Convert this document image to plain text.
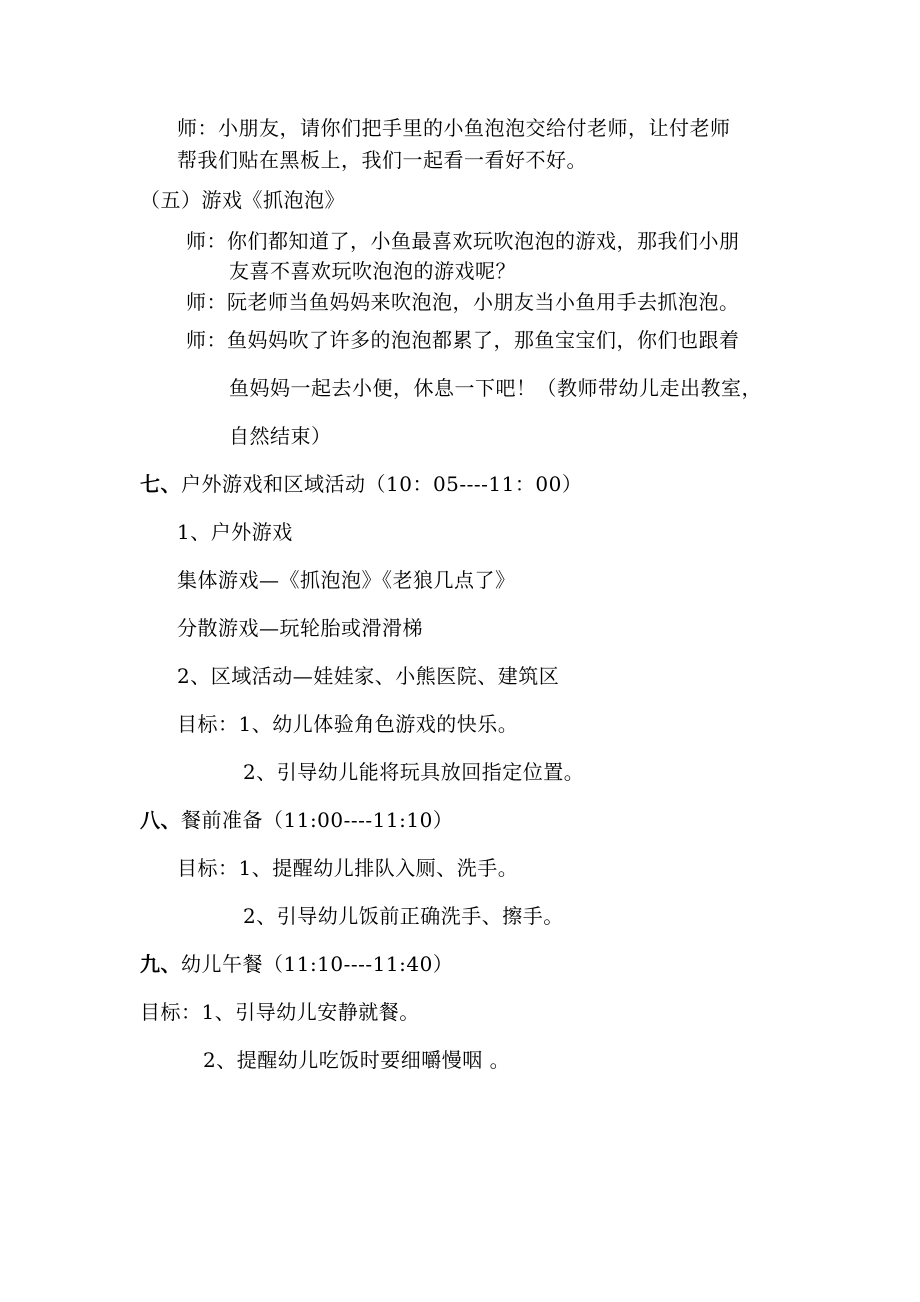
师：小朋友，请你们把手里的小鱼泡泡交给付老师，让付老师
帮我们贴在黑板上，我们一起看一看好不好。
（五）游戏《抓泡泡》
师：你们都知道了，小鱼最喜欢玩吹泡泡的游戏，那我们小朋
友喜不喜欢玩吹泡泡的游戏呢？
师：阮老师当鱼妈妈来吹泡泡，小朋友当小鱼用手去抓泡泡。
师：鱼妈妈吹了许多的泡泡都累了，那鱼宝宝们，你们也跟着
鱼妈妈一起去小便，休息一下吧！（教师带幼儿走出教室，
自然结束）
七、户外游戏和区域活动（10：05----11：00）
1、户外游戏
集体游戏—《抓泡泡》《老狼几点了》
分散游戏—玩轮胎或滑滑梯
2、区域活动—娃娃家、小熊医院、建筑区
目标：1、幼儿体验角色游戏的快乐。
2、引导幼儿能将玩具放回指定位置。
八、餐前准备（11:00----11:10）
目标：1、提醒幼儿排队入厕、洗手。
2、引导幼儿饭前正确洗手、擦手。
九、幼儿午餐（11:10----11:40）
目标：1、引导幼儿安静就餐。
2、提醒幼儿吃饭时要细嚼慢咽 。
